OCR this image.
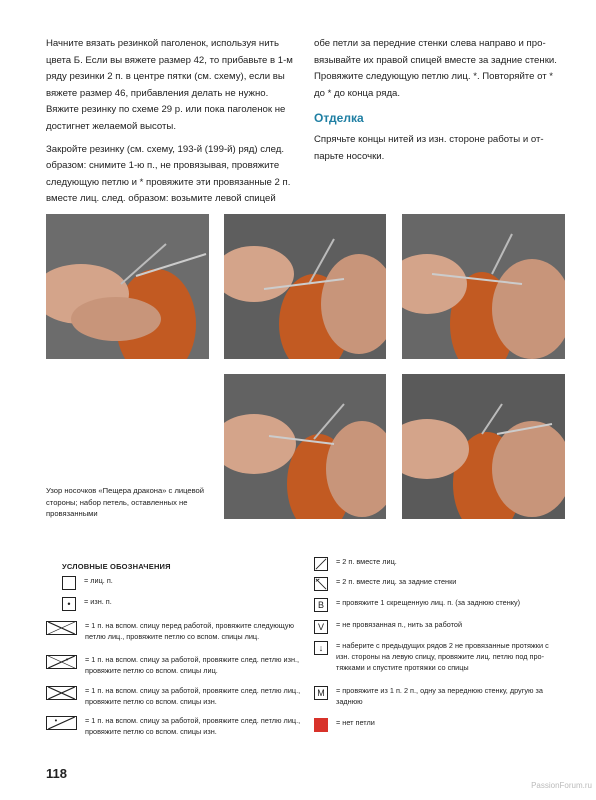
Начните вязать резинкой паголенок, используя нить цвета Б. Если вы вяжете размер 42, то прибавьте в 1-м ряду резинки 2 п. в центре пятки (см. схему), если вы вяжете размер 46, прибавления делать не нужно. Вяжите резинку по схеме 29 р. или пока паголенок не достигнет желаемой высоты.

Закройте резинку (см. схему, 193-й (199-й) ряд) след. образом: снимите 1-ю п., не провязывая, провяжите следующую петлю и * провяжите эти провязанные 2 п. вместе лиц. след. образом: возьмите левой спицей

обе петли за передние стенки слева направо и провязывайте их правой спицей вместе за задние стенки. Провяжите следующую петлю лиц. *. Повторяйте от * до * до конца ряда.

Отделка

Спрячьте концы нитей из изн. стороне работы и отпарьте носочки.

Узор носочков «Пещера дракона» с лицевой стороны; набор петель, оставленных не провязанными
УСЛОВНЫЕ ОБОЗНАЧЕНИЯ
= лиц. п.
•	= изн. п.
= 1 п. на вспом. спицу перед работой, провяжите следующую петлю лиц., провяжите петлю со вспом. спицы лиц.
= 1 п. на вспом. спицу за работой, провяжите след. петлю изн., провяжите петлю со вспом. спицы лиц.
= 1 п. на вспом. спицу за работой, провяжите след. петлю лиц., провяжите петлю со вспом. спицы изн.
= 1 п. на вспом. спицу за работой, провяжите след. петлю лиц., провяжите петлю со вспом. спицы изн.
= 2 п. вместе лиц.
= 2 п. вместе лиц. за задние стенки
B	= провяжите 1 скрещенную лиц. п. (за заднюю стенку)
V	= не провязанная п., нить за работой
↓	= наберите с предыдущих рядов 2 не провязанные протяжки с изн. стороны на левую спицу, провяжите лиц. петлю под протяжками и спустите протяжки со спицы
M	= провяжите из 1 п. 2 п., одну за переднюю стенку, другую за заднюю
= нет петли
118
PassionForum.ru
